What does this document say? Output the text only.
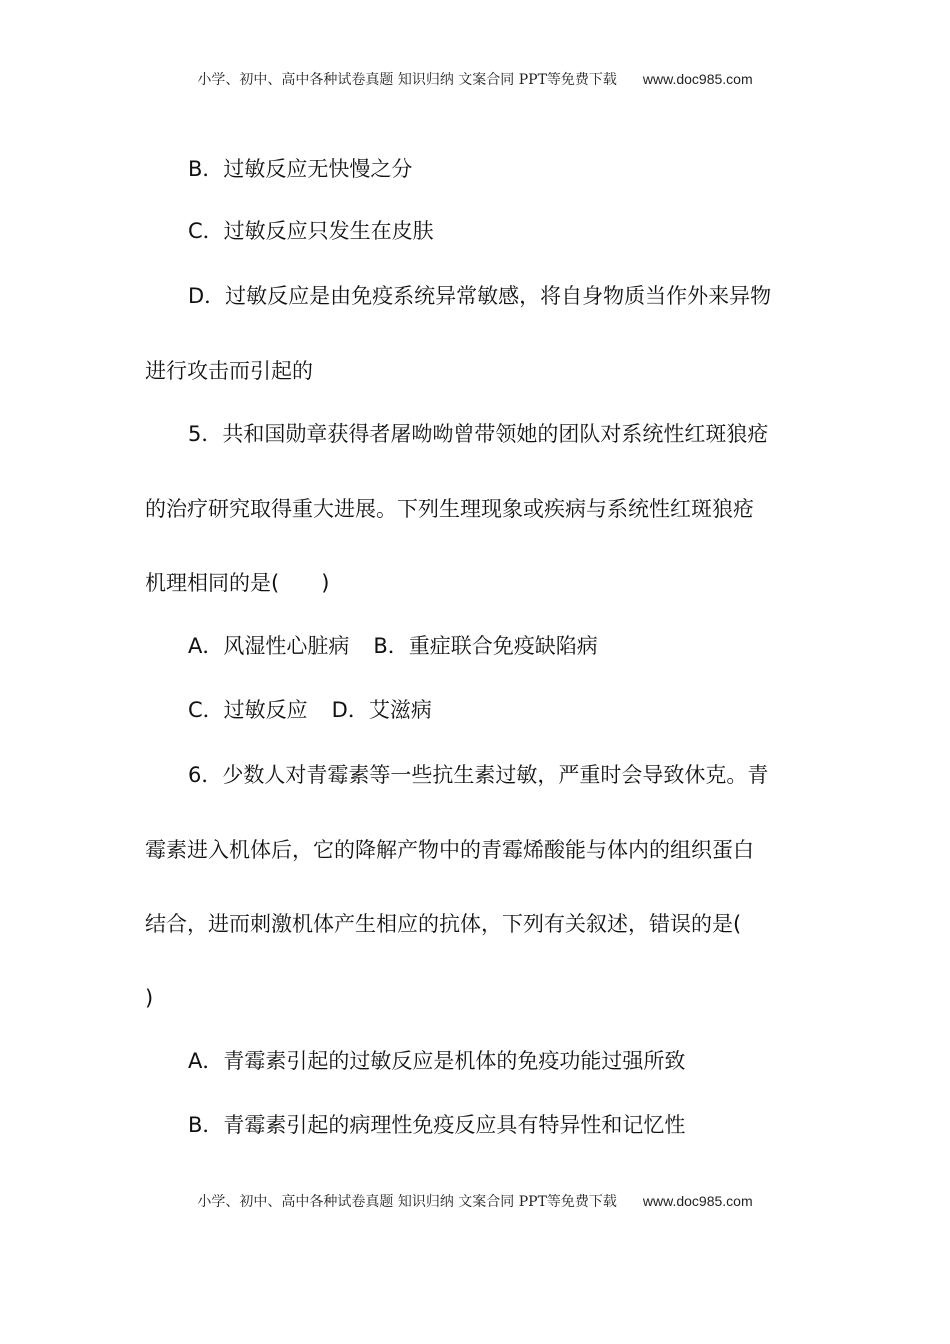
小学、初中、高中各种试卷真题 知识归纳 文案合同 PPT等免费下载 www.doc985.com
B．过敏反应无快慢之分
C．过敏反应只发生在皮肤
D．过敏反应是由免疫系统异常敏感，将自身物质当作外来异物
进行攻击而引起的
5．共和国勋章获得者屠呦呦曾带领她的团队对系统性红斑狼疮
的治疗研究取得重大进展。下列生理现象或疾病与系统性红斑狼疮
机理相同的是(　　)
A．风湿性心脏病 B．重症联合免疫缺陷病
C．过敏反应 D．艾滋病
6．少数人对青霉素等一些抗生素过敏，严重时会导致休克。青
霉素进入机体后，它的降解产物中的青霉烯酸能与体内的组织蛋白
结合，进而刺激机体产生相应的抗体，下列有关叙述，错误的是(
)
A．青霉素引起的过敏反应是机体的免疫功能过强所致
B．青霉素引起的病理性免疫反应具有特异性和记忆性
小学、初中、高中各种试卷真题 知识归纳 文案合同 PPT等免费下载 www.doc985.com
